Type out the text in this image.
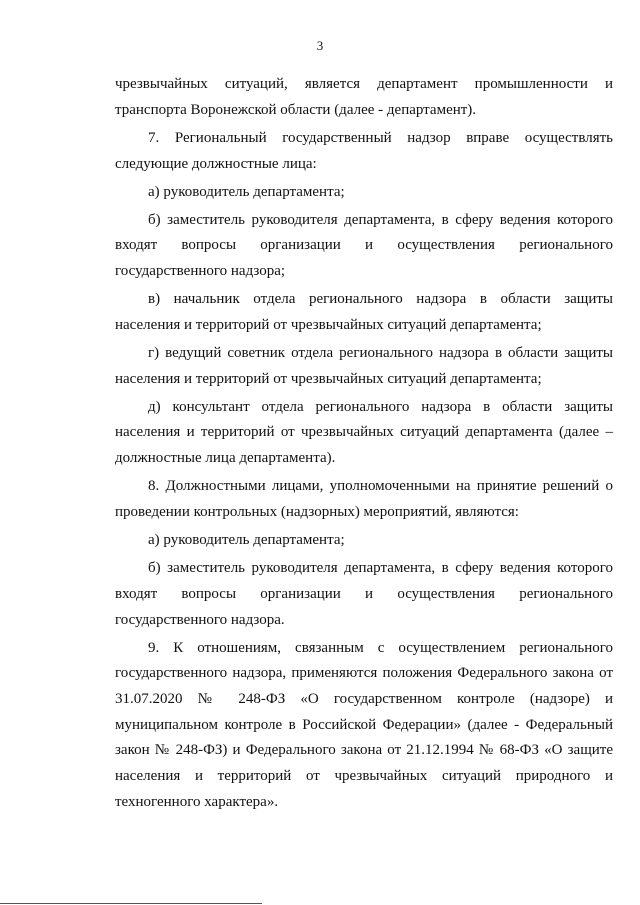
3

чрезвычайных ситуаций, является департамент промышленности и транспорта Воронежской области (далее - департамент).

7. Региональный государственный надзор вправе осуществлять следующие должностные лица:

а) руководитель департамента;

б) заместитель руководителя департамента, в сферу ведения которого входят вопросы организации и осуществления регионального государственного надзора;

в) начальник отдела регионального надзора в области защиты населения и территорий от чрезвычайных ситуаций департамента;

г) ведущий советник отдела регионального надзора в области защиты населения и территорий от чрезвычайных ситуаций департамента;

д) консультант отдела регионального надзора в области защиты населения и территорий от чрезвычайных ситуаций департамента (далее – должностные лица департамента).

8. Должностными лицами, уполномоченными на принятие решений о проведении контрольных (надзорных) мероприятий, являются:

а) руководитель департамента;

б) заместитель руководителя департамента, в сферу ведения которого входят вопросы организации и осуществления регионального государственного надзора.

9. К отношениям, связанным с осуществлением регионального государственного надзора, применяются положения Федерального закона от 31.07.2020 № 248-ФЗ «О государственном контроле (надзоре) и муниципальном контроле в Российской Федерации» (далее - Федеральный закон № 248-ФЗ) и Федерального закона от 21.12.1994 № 68-ФЗ «О защите населения и территорий от чрезвычайных ситуаций природного и техногенного характера».
